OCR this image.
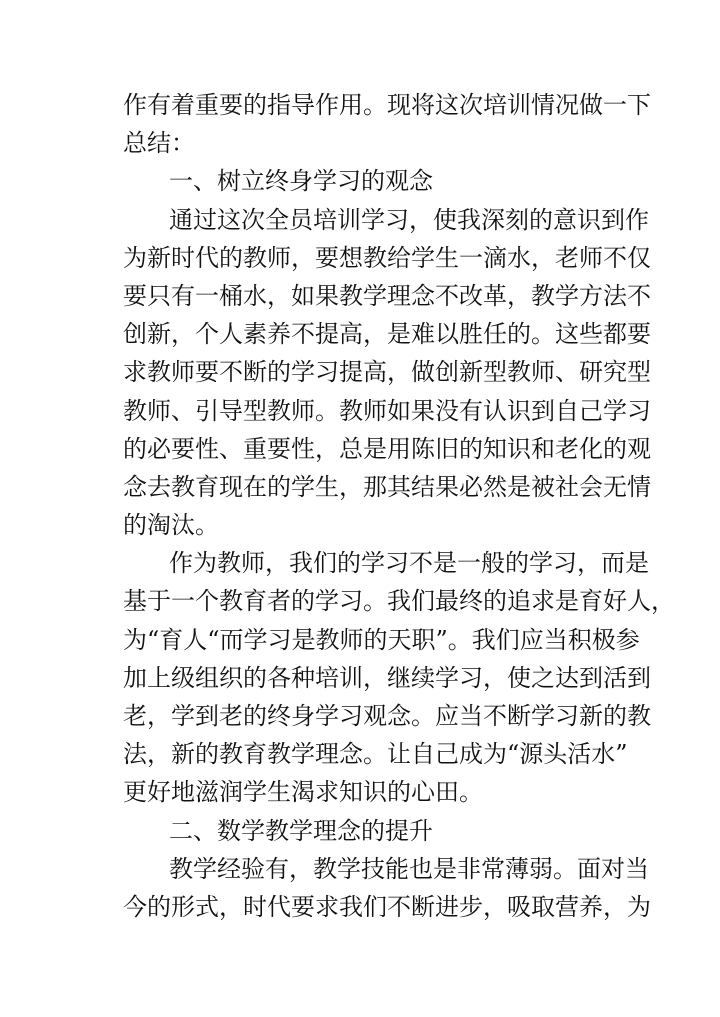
作有着重要的指导作用。现将这次培训情况做一下
总结：
一、树立终身学习的观念
通过这次全员培训学习，使我深刻的意识到作
为新时代的教师，要想教给学生一滴水，老师不仅
要只有一桶水，如果教学理念不改革，教学方法不
创新，个人素养不提高，是难以胜任的。这些都要
求教师要不断的学习提高，做创新型教师、研究型
教师、引导型教师。教师如果没有认识到自己学习
的必要性、重要性，总是用陈旧的知识和老化的观
念去教育现在的学生，那其结果必然是被社会无情
的淘汰。
作为教师，我们的学习不是一般的学习，而是
基于一个教育者的学习。我们最终的追求是育好人，
为“育人“而学习是教师的天职”。我们应当积极参
加上级组织的各种培训，继续学习，使之达到活到
老，学到老的终身学习观念。应当不断学习新的教
法，新的教育教学理念。让自己成为“源头活水”
更好地滋润学生渴求知识的心田。
二、数学教学理念的提升
教学经验有，教学技能也是非常薄弱。面对当
今的形式，时代要求我们不断进步，吸取营养，为
